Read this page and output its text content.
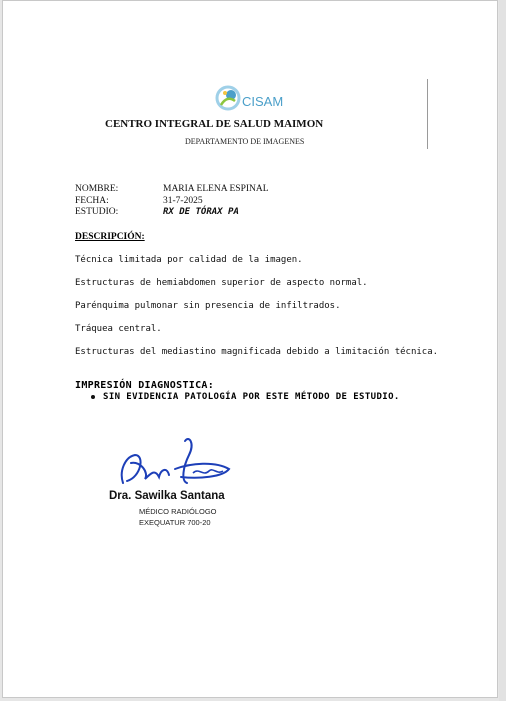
CISAM
CENTRO INTEGRAL DE SALUD MAIMON
DEPARTAMENTO DE IMAGENES
NOMBRE:	MARIA ELENA ESPINAL
FECHA:	31-7-2025
ESTUDIO:	RX DE TÓRAX PA
DESCRIPCIÓN:
Técnica limitada por calidad de la imagen.
Estructuras de hemiabdomen superior de aspecto normal.
Parénquima pulmonar sin presencia de infiltrados.
Tráquea central.
Estructuras del mediastino magnificada debido a limitación técnica.
IMPRESIÓN DIAGNOSTICA:
SIN EVIDENCIA PATOLOGÍA POR ESTE MÉTODO DE ESTUDIO.
Dra. Sawilka Santana
MÉDICO RADIÓLOGO
EXEQUATUR 700-20
